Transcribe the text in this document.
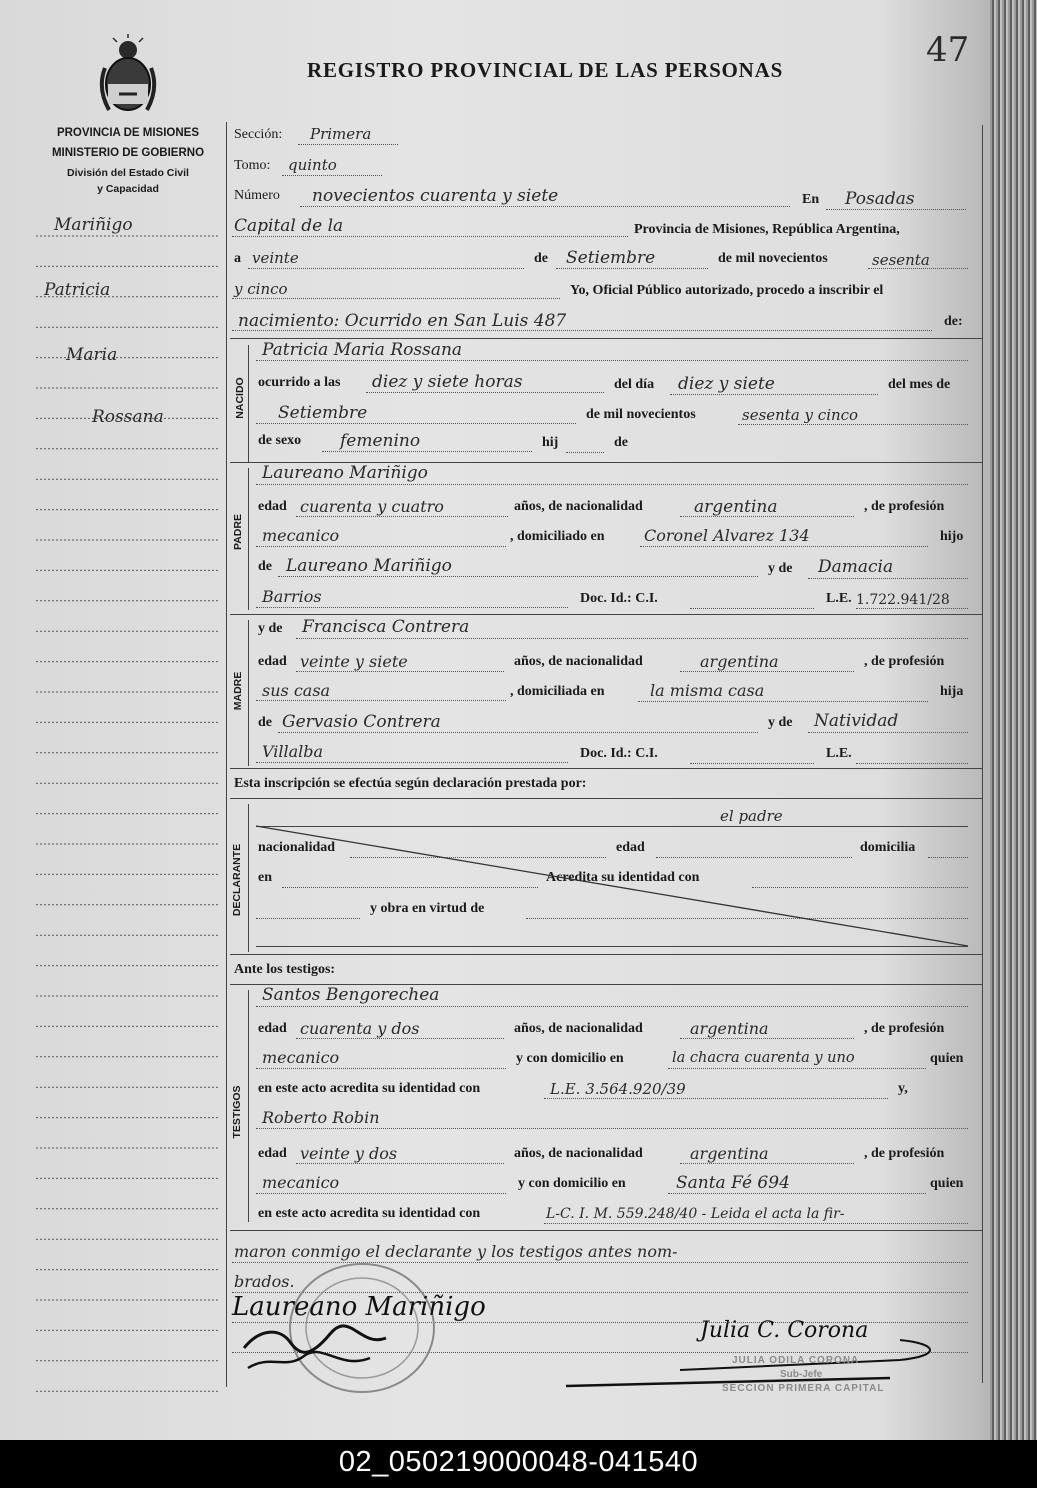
PROVINCIA DE MISIONES
MINISTERIO DE GOBIERNO
División del Estado Civil
y Capacidad
REGISTRO PROVINCIAL DE LAS PERSONAS	47
Mariñigo
Patricia
Maria
Rossana
Sección: Primera
Tomo: quinto
Número novecientos cuarenta y siete	En Posadas
Capital de la	Provincia de Misiones, República Argentina,
a veinte	de Setiembre	de mil novecientos	sesenta
y cinco	Yo, Oficial Público autorizado, procedo a inscribir el
nacimiento: Ocurrido en San Luis 487	de:
NACIDO
Patricia Maria Rossana
ocurrido a las diez y siete horas	del día diez y siete	del mes de
Setiembre	de mil novecientos	sesenta y cinco
de sexo femenino	hij	de
PADRE
Laureano Mariñigo
edad cuarenta y cuatro	años, de nacionalidad	argentina	, de profesión
mecanico	, domiciliado en Coronel Alvarez 134	hijo
de Laureano Mariñigo	y de Damacia
Barrios	Doc. Id.: C.I.	L.E. 1.722.941/28
MADRE
y de Francisca Contrera
edad veinte y siete	años, de nacionalidad	argentina	, de profesión
sus casa	, domiciliada en	la misma casa	hija
de Gervasio Contrera	y de Natividad
Villalba	Doc. Id.: C.I.	L.E.
Esta inscripción se efectúa según declaración prestada por:
DECLARANTE
el padre
nacionalidad	edad	domicilia
en	Acredita su identidad con
y obra en virtud de
Ante los testigos:
TESTIGOS
Santos Bengorechea
edad cuarenta y dos	años, de nacionalidad	argentina	, de profesión
mecanico	y con domicilio en	la chacra cuarenta y uno	quien
en este acto acredita su identidad con	L.E. 3.564.920/39	y,
Roberto Robin
edad veinte y dos	años, de nacionalidad	argentina	, de profesión
mecanico	y con domicilio en	Santa Fé 694	quien
en este acto acredita su identidad con	L-C. I. M. 559.248/40 - Leida el acta la fir-
maron conmigo el declarante y los testigos antes nom-
brados.
Laureano Mariñigo
Julia C. Corona
JULIA ODILA CORONA
Sub-Jefe
SECCION PRIMERA CAPITAL
02_050219000048-041540
